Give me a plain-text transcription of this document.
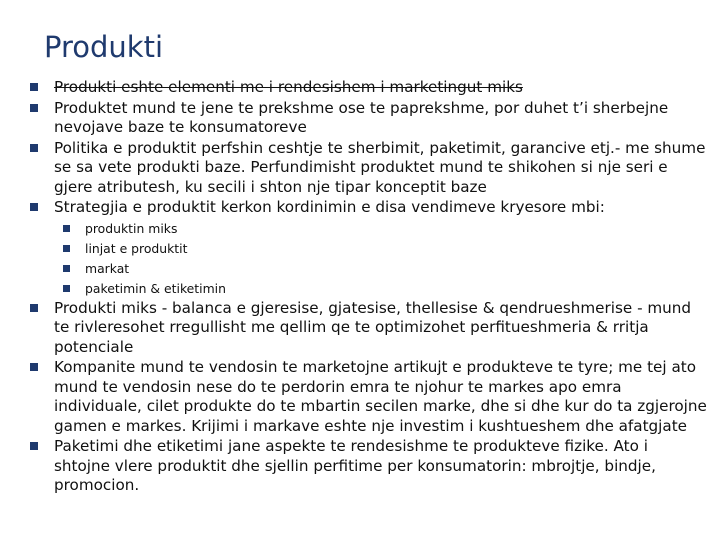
Produkti
Produkti eshte elementi me i rendesishem i marketingut miks
Produktet mund te jene te prekshme ose te paprekshme, por duhet t’i sherbejne nevojave baze te konsumatoreve
Politika e produktit perfshin ceshtje te sherbimit, paketimit, garancive etj.- me shume se sa vete produkti baze. Perfundimisht produktet mund te shikohen si nje seri e gjere atributesh, ku secili i shton nje tipar konceptit baze
Strategjia e produktit kerkon kordinimin e disa vendimeve kryesore mbi:
produktin miks
linjat e produktit
markat
paketimin & etiketimin
Produkti miks - balanca e gjeresise, gjatesise, thellesise & qendrueshmerise - mund te rivleresohet rregullisht me qellim qe te optimizohet perfitueshmeria & rritja potenciale
Kompanite mund te vendosin te marketojne artikujt e produkteve te tyre; me tej ato mund te vendosin nese do te perdorin emra te njohur te markes apo emra individuale, cilet produkte do te mbartin secilen marke, dhe si dhe kur do ta zgjerojne gamen e markes. Krijimi i markave eshte nje investim i kushtueshem dhe afatgjate
Paketimi dhe etiketimi jane aspekte te rendesishme te produkteve fizike. Ato i shtojne vlere produktit dhe sjellin perfitime per konsumatorin: mbrojtje, bindje, promocion.
